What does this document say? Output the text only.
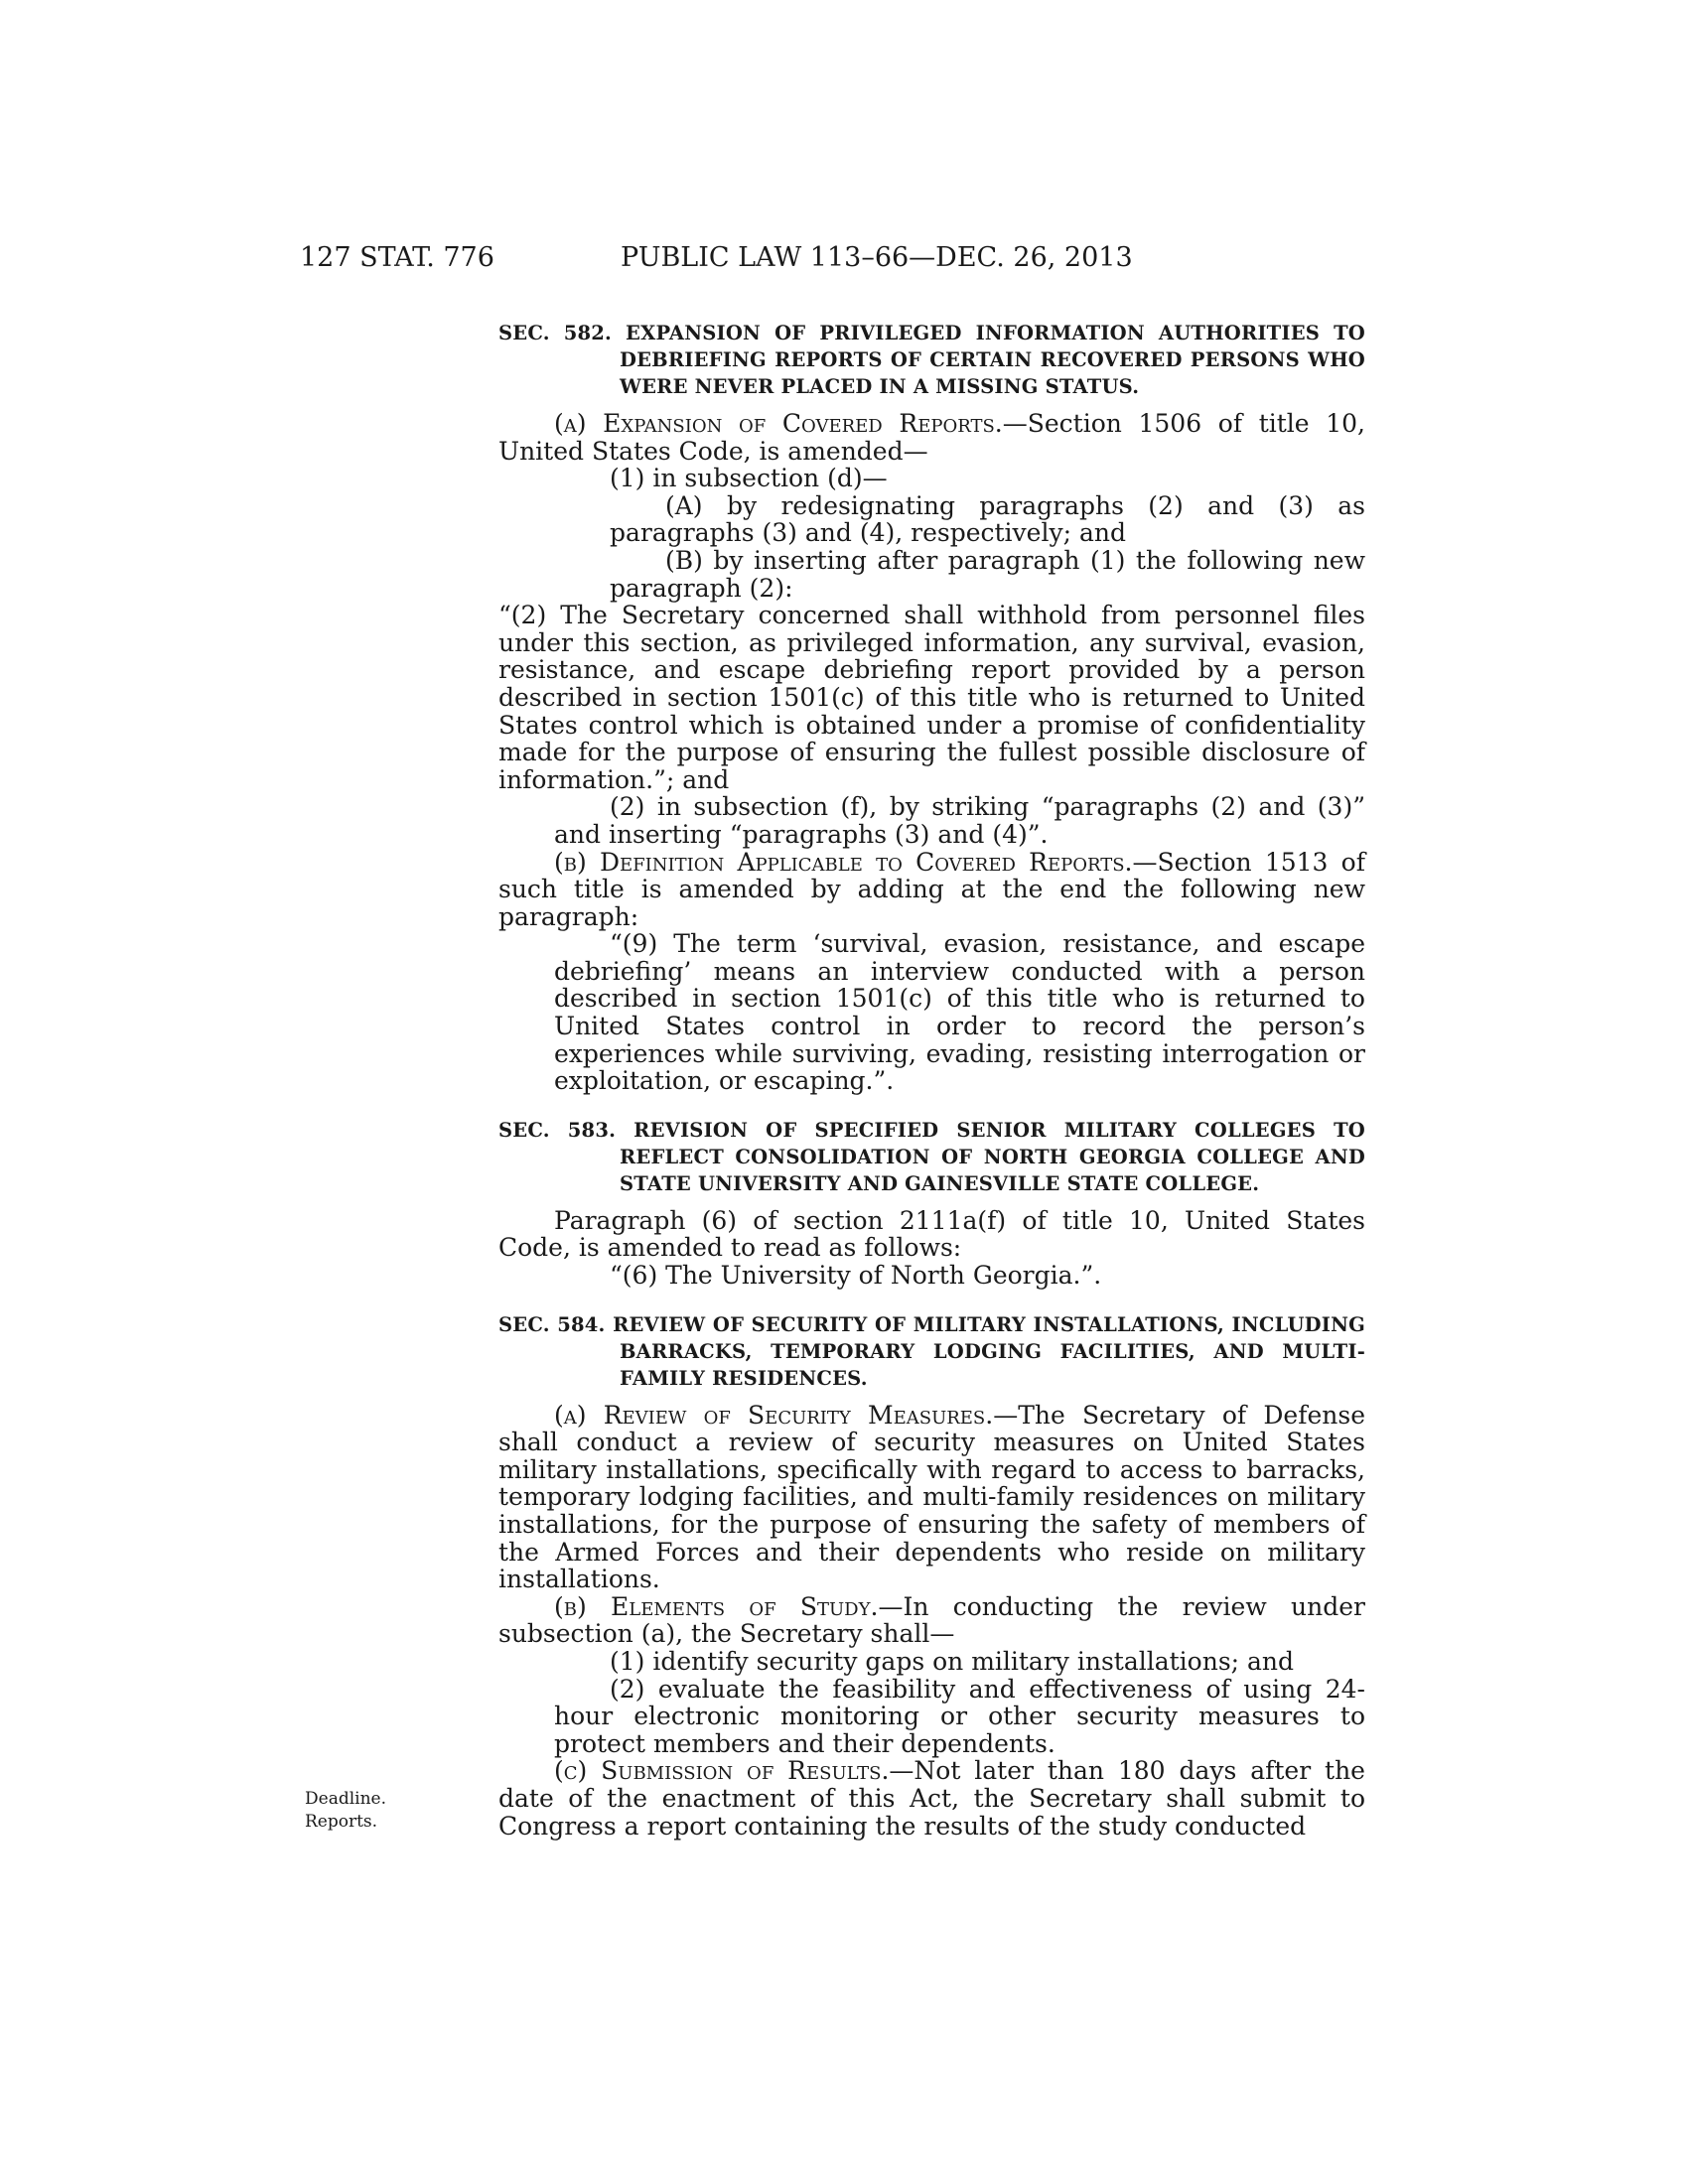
127 STAT. 776	PUBLIC LAW 113–66—DEC. 26, 2013

SEC. 582. EXPANSION OF PRIVILEGED INFORMATION AUTHORITIES TO DEBRIEFING REPORTS OF CERTAIN RECOVERED PERSONS WHO WERE NEVER PLACED IN A MISSING STATUS.

(a) Expansion of Covered Reports.—Section 1506 of title 10, United States Code, is amended—

(1) in subsection (d)—

(A) by redesignating paragraphs (2) and (3) as paragraphs (3) and (4), respectively; and

(B) by inserting after paragraph (1) the following new paragraph (2):

“(2) The Secretary concerned shall withhold from personnel files under this section, as privileged information, any survival, evasion, resistance, and escape debriefing report provided by a person described in section 1501(c) of this title who is returned to United States control which is obtained under a promise of confidentiality made for the purpose of ensuring the fullest possible disclosure of information.”; and

(2) in subsection (f), by striking “paragraphs (2) and (3)” and inserting “paragraphs (3) and (4)”.

(b) Definition Applicable to Covered Reports.—Section 1513 of such title is amended by adding at the end the following new paragraph:

“(9) The term ‘survival, evasion, resistance, and escape debriefing’ means an interview conducted with a person described in section 1501(c) of this title who is returned to United States control in order to record the person’s experiences while surviving, evading, resisting interrogation or exploitation, or escaping.”.

SEC. 583. REVISION OF SPECIFIED SENIOR MILITARY COLLEGES TO REFLECT CONSOLIDATION OF NORTH GEORGIA COLLEGE AND STATE UNIVERSITY AND GAINESVILLE STATE COLLEGE.

Paragraph (6) of section 2111a(f) of title 10, United States Code, is amended to read as follows:

“(6) The University of North Georgia.”.

SEC. 584. REVIEW OF SECURITY OF MILITARY INSTALLATIONS, INCLUDING BARRACKS, TEMPORARY LODGING FACILITIES, AND MULTI-FAMILY RESIDENCES.

(a) Review of Security Measures.—The Secretary of Defense shall conduct a review of security measures on United States military installations, specifically with regard to access to barracks, temporary lodging facilities, and multi-family residences on military installations, for the purpose of ensuring the safety of members of the Armed Forces and their dependents who reside on military installations.

(b) Elements of Study.—In conducting the review under subsection (a), the Secretary shall—

(1) identify security gaps on military installations; and

(2) evaluate the feasibility and effectiveness of using 24-hour electronic monitoring or other security measures to protect members and their dependents.

(c) Submission of Results.—Not later than 180 days after the date of the enactment of this Act, the Secretary shall submit to Congress a report containing the results of the study conducted

Deadline.
Reports.
